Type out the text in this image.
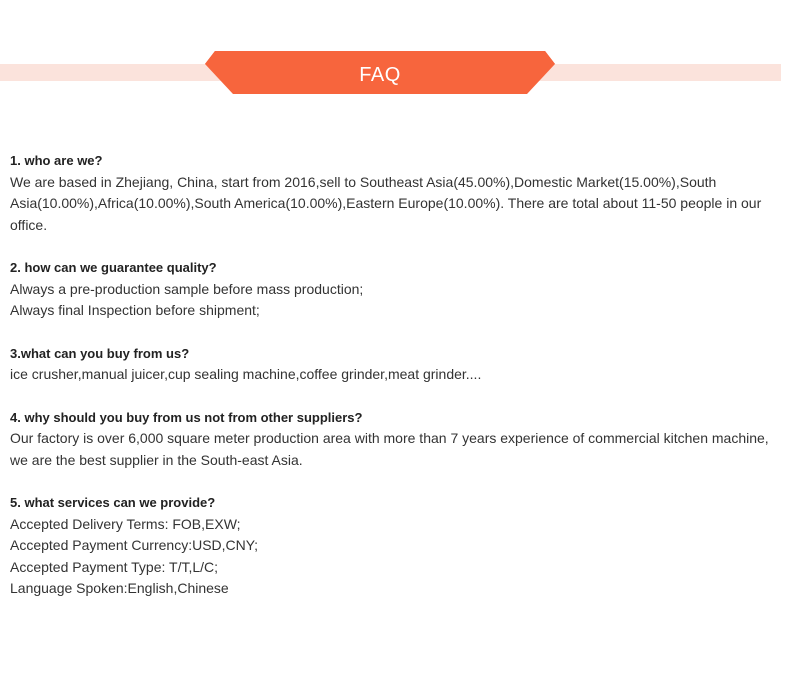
FAQ
1. who are we?
We are based in Zhejiang, China, start from 2016,sell to Southeast Asia(45.00%),Domestic Market(15.00%),South Asia(10.00%),Africa(10.00%),South America(10.00%),Eastern Europe(10.00%). There are total about 11-50 people in our office.
2. how can we guarantee quality?
Always a pre-production sample before mass production;
Always final Inspection before shipment;
3.what can you buy from us?
ice crusher,manual juicer,cup sealing machine,coffee grinder,meat grinder....
4. why should you buy from us not from other suppliers?
Our factory is over 6,000 square meter production area with more than 7 years experience of commercial kitchen machine, we are the best supplier in the South-east Asia.
5. what services can we provide?
Accepted Delivery Terms: FOB,EXW;
Accepted Payment Currency:USD,CNY;
Accepted Payment Type: T/T,L/C;
Language Spoken:English,Chinese
